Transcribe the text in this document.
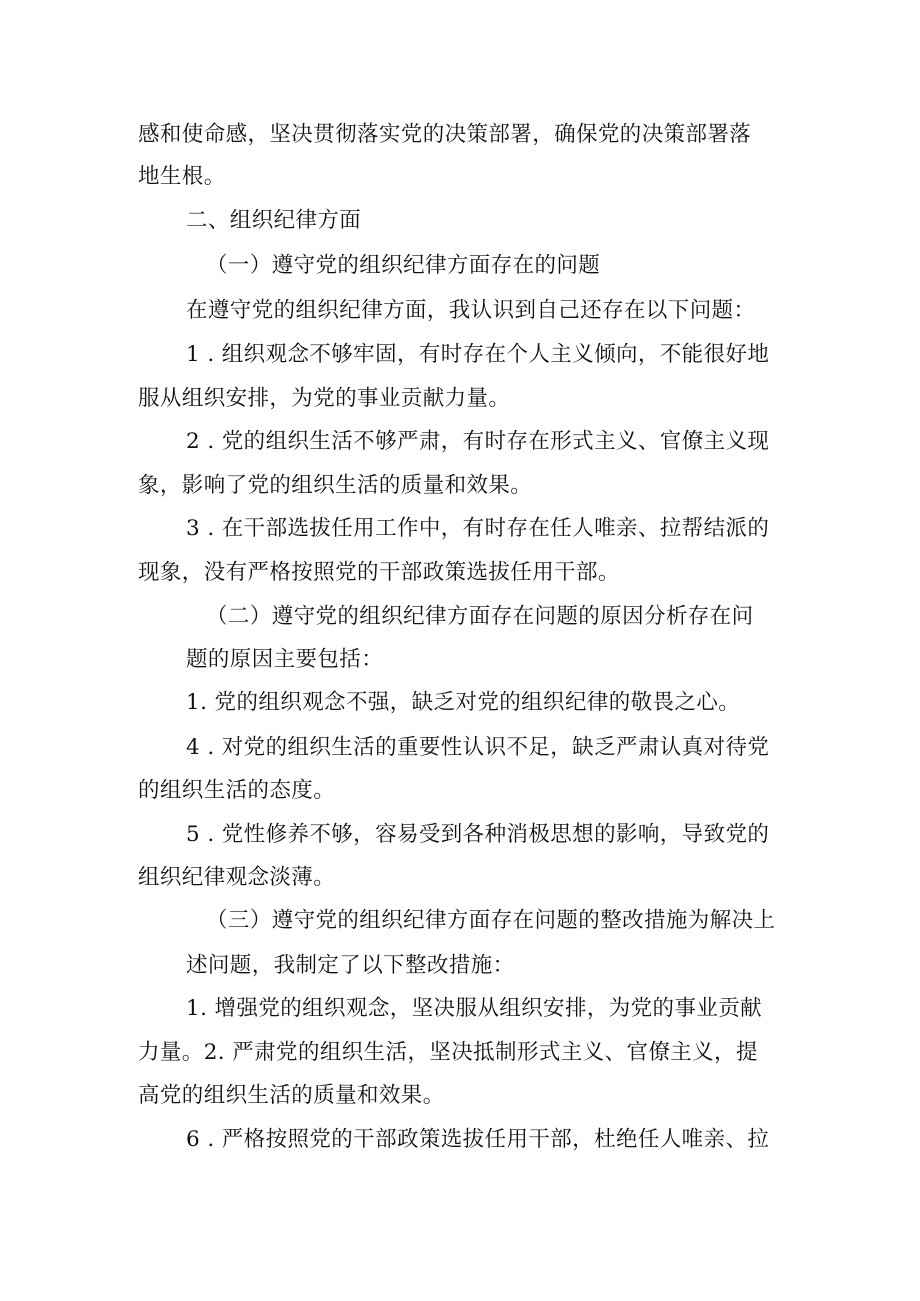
感和使命感，坚决贯彻落实党的决策部署，确保党的决策部署落
地生根。
二、组织纪律方面
（一）遵守党的组织纪律方面存在的问题
在遵守党的组织纪律方面，我认识到自己还存在以下问题：
1 . 组织观念不够牢固，有时存在个人主义倾向，不能很好地
服从组织安排，为党的事业贡献力量。
2 . 党的组织生活不够严肃，有时存在形式主义、官僚主义现
象，影响了党的组织生活的质量和效果。
3 . 在干部选拔任用工作中，有时存在任人唯亲、拉帮结派的
现象，没有严格按照党的干部政策选拔任用干部。
（二）遵守党的组织纪律方面存在问题的原因分析存在问
题的原因主要包括：
1. 党的组织观念不强，缺乏对党的组织纪律的敬畏之心。
4 . 对党的组织生活的重要性认识不足，缺乏严肃认真对待党
的组织生活的态度。
5 . 党性修养不够，容易受到各种消极思想的影响，导致党的
组织纪律观念淡薄。
（三）遵守党的组织纪律方面存在问题的整改措施为解决上
述问题，我制定了以下整改措施：
1. 增强党的组织观念，坚决服从组织安排，为党的事业贡献
力量。2. 严肃党的组织生活，坚决抵制形式主义、官僚主义，提
高党的组织生活的质量和效果。
6 . 严格按照党的干部政策选拔任用干部，杜绝任人唯亲、拉
